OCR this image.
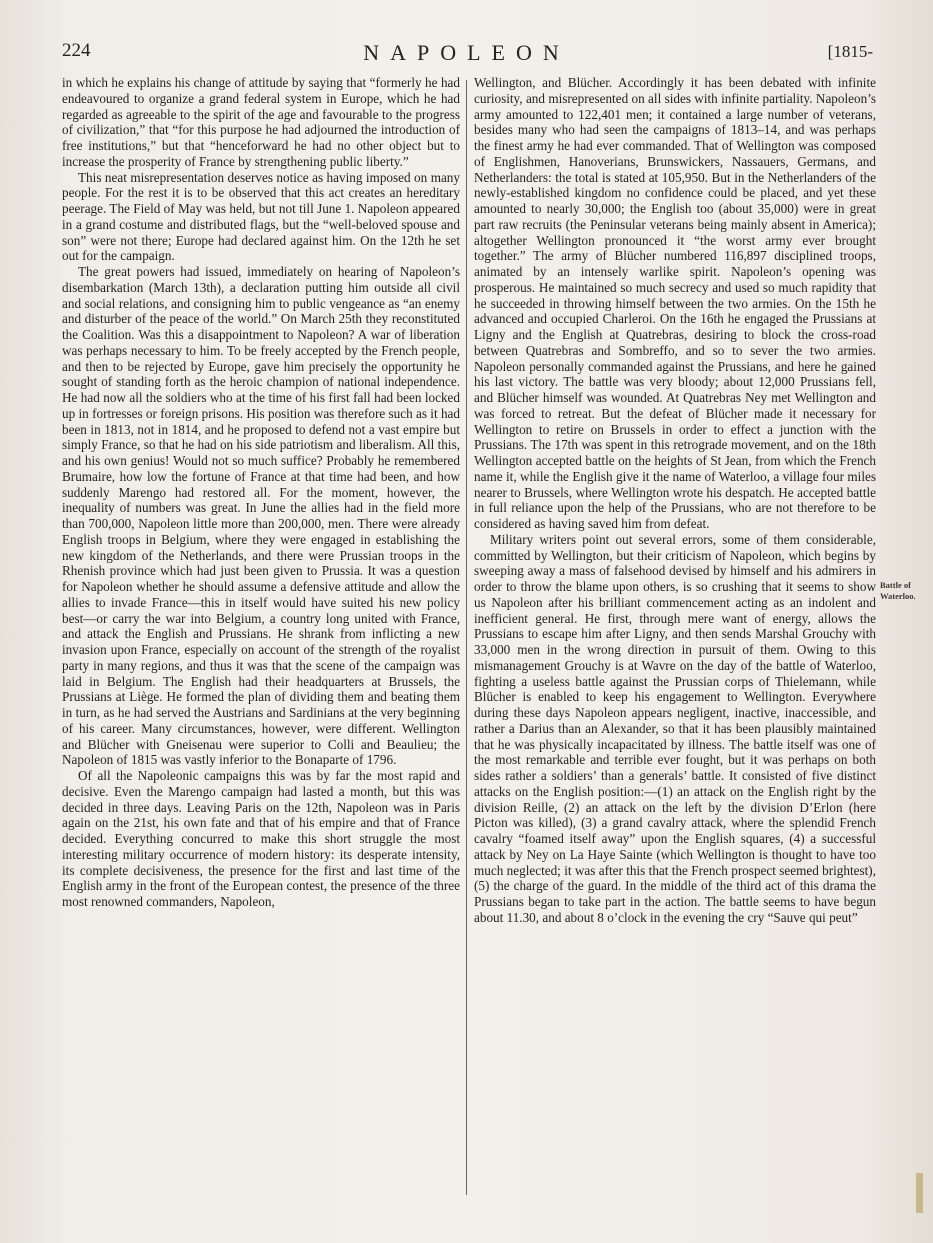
224	NAPOLEON	[1815-

in which he explains his change of attitude by saying that “formerly he had endeavoured to organize a grand federal system in Europe, which he had regarded as agreeable to the spirit of the age and favourable to the progress of civilization,” that “for this purpose he had adjourned the introduction of free institutions,” but that “henceforward he had no other object but to increase the prosperity of France by strengthening public liberty.”

This neat misrepresentation deserves notice as having imposed on many people. For the rest it is to be observed that this act creates an hereditary peerage. The Field of May was held, but not till June 1. Napoleon appeared in a grand costume and distributed flags, but the “well-beloved spouse and son” were not there; Europe had declared against him. On the 12th he set out for the campaign.

The great powers had issued, immediately on hearing of Napoleon’s disembarkation (March 13th), a declaration putting him outside all civil and social relations, and consigning him to public vengeance as “an enemy and disturber of the peace of the world.” On March 25th they reconstituted the Coalition. Was this a disappointment to Napoleon? A war of liberation was perhaps necessary to him. To be freely accepted by the French people, and then to be rejected by Europe, gave him precisely the opportunity he sought of standing forth as the heroic champion of national independence. He had now all the soldiers who at the time of his first fall had been locked up in fortresses or foreign prisons. His position was therefore such as it had been in 1813, not in 1814, and he proposed to defend not a vast empire but simply France, so that he had on his side patriotism and liberalism. All this, and his own genius! Would not so much suffice? Probably he remembered Brumaire, how low the fortune of France at that time had been, and how suddenly Marengo had restored all. For the moment, however, the inequality of numbers was great. In June the allies had in the field more than 700,000, Napoleon little more than 200,000, men. There were already English troops in Belgium, where they were engaged in establishing the new kingdom of the Netherlands, and there were Prussian troops in the Rhenish province which had just been given to Prussia. It was a question for Napoleon whether he should assume a defensive attitude and allow the allies to invade France—this in itself would have suited his new policy best—or carry the war into Belgium, a country long united with France, and attack the English and Prussians. He shrank from inflicting a new invasion upon France, especially on account of the strength of the royalist party in many regions, and thus it was that the scene of the campaign was laid in Belgium. The English had their headquarters at Brussels, the Prussians at Liège. He formed the plan of dividing them and beating them in turn, as he had served the Austrians and Sardinians at the very beginning of his career. Many circumstances, however, were different. Wellington and Blücher with Gneisenau were superior to Colli and Beaulieu; the Napoleon of 1815 was vastly inferior to the Bonaparte of 1796.

Of all the Napoleonic campaigns this was by far the most rapid and decisive. Even the Marengo campaign had lasted a month, but this was decided in three days. Leaving Paris on the 12th, Napoleon was in Paris again on the 21st, his own fate and that of his empire and that of France decided. Everything concurred to make this short struggle the most interesting military occurrence of modern history: its desperate intensity, its complete decisiveness, the presence for the first and last time of the English army in the front of the European contest, the presence of the three most renowned commanders, Napoleon,

Wellington, and Blücher. Accordingly it has been debated with infinite curiosity, and misrepresented on all sides with infinite partiality. Napoleon’s army amounted to 122,401 men; it contained a large number of veterans, besides many who had seen the campaigns of 1813–14, and was perhaps the finest army he had ever commanded. That of Wellington was composed of Englishmen, Hanoverians, Brunswickers, Nassauers, Germans, and Netherlanders: the total is stated at 105,950. But in the Netherlanders of the newly-established kingdom no confidence could be placed, and yet these amounted to nearly 30,000; the English too (about 35,000) were in great part raw recruits (the Peninsular veterans being mainly absent in America); altogether Wellington pronounced it “the worst army ever brought together.” The army of Blücher numbered 116,897 disciplined troops, animated by an intensely warlike spirit. Napoleon’s opening was prosperous. He maintained so much secrecy and used so much rapidity that he succeeded in throwing himself between the two armies. On the 15th he advanced and occupied Charleroi. On the 16th he engaged the Prussians at Ligny and the English at Quatrebras, desiring to block the cross-road between Quatrebras and Sombreffo, and so to sever the two armies. Napoleon personally commanded against the Prussians, and here he gained his last victory. The battle was very bloody; about 12,000 Prussians fell, and Blücher himself was wounded. At Quatrebras Ney met Wellington and was forced to retreat. But the defeat of Blücher made it necessary for Wellington to retire on Brussels in order to effect a junction with the Prussians. The 17th was spent in this retrograde movement, and on the 18th Wellington accepted battle on the heights of St Jean, from which the French name it, while the English give it the name of Waterloo, a village four miles nearer to Brussels, where Wellington wrote his despatch. He accepted battle in full reliance upon the help of the Prussians, who are not therefore to be considered as having saved him from defeat.

Military writers point out several errors, some of them considerable, committed by Wellington, but their criticism of Napoleon, which begins by sweeping away a mass of falsehood devised by himself and his admirers in order to throw the blame upon others, is so crushing that it seems to show us Napoleon after his brilliant commencement acting as an indolent and inefficient general. He first, through mere want of energy, allows the Prussians to escape him after Ligny, and then sends Marshal Grouchy with 33,000 men in the wrong direction in pursuit of them. Owing to this mismanagement Grouchy is at Wavre on the day of the battle of Waterloo, fighting a useless battle against the Prussian corps of Thielemann, while Blücher is enabled to keep his engagement to Wellington. Everywhere during these days Napoleon appears negligent, inactive, inaccessible, and rather a Darius than an Alexander, so that it has been plausibly maintained that he was physically incapacitated by illness. The battle itself was one of the most remarkable and terrible ever fought, but it was perhaps on both sides rather a soldiers’ than a generals’ battle. It consisted of five distinct attacks on the English position:—(1) an attack on the English right by the division Reille, (2) an attack on the left by the division D’Erlon (here Picton was killed), (3) a grand cavalry attack, where the splendid French cavalry “foamed itself away” upon the English squares, (4) a successful attack by Ney on La Haye Sainte (which Wellington is thought to have too much neglected; it was after this that the French prospect seemed brightest), (5) the charge of the guard. In the middle of the third act of this drama the Prussians began to take part in the action. The battle seems to have begun about 11.30, and about 8 o’clock in the evening the cry “Sauve qui peut”

Battle of Waterloo.
